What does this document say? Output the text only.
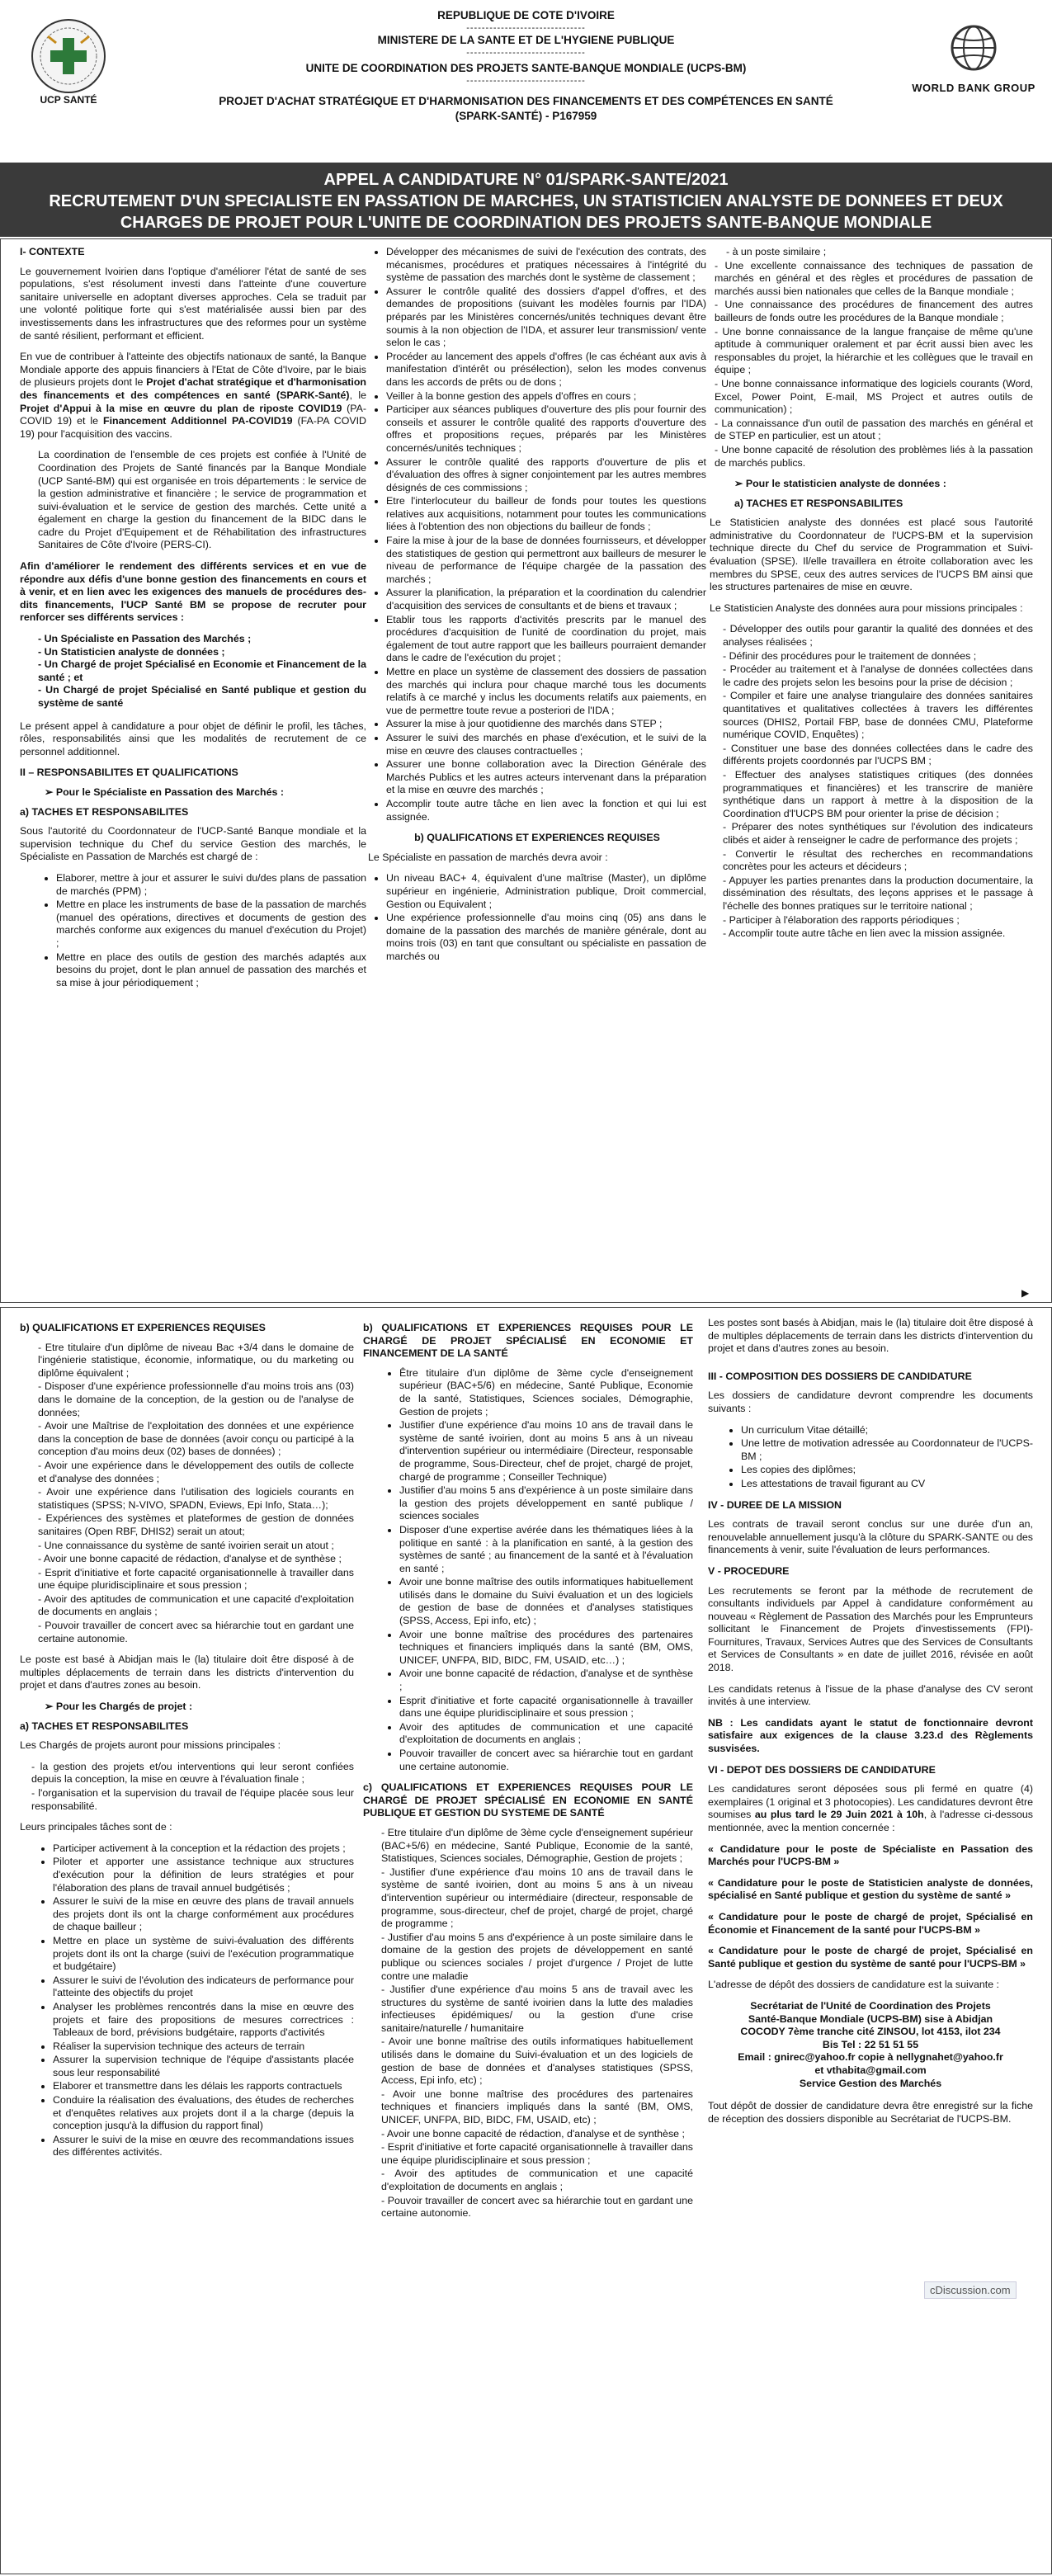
UCP SANTÉ
REPUBLIQUE DE COTE D'IVOIRE
-------------------------------
MINISTERE DE LA SANTE ET DE L'HYGIENE PUBLIQUE
-------------------------------
UNITE DE COORDINATION DES PROJETS SANTE-BANQUE MONDIALE (UCPS-BM)
-------------------------------
PROJET D'ACHAT STRATÉGIQUE ET D'HARMONISATION DES FINANCEMENTS ET DES COMPÉTENCES EN SANTÉ
(SPARK-SANTÉ) - P167959
WORLD BANK GROUP
APPEL A CANDIDATURE N° 01/SPARK-SANTE/2021
RECRUTEMENT D'UN SPECIALISTE EN PASSATION DE MARCHES, UN STATISTICIEN ANALYSTE DE DONNEES ET DEUX
CHARGES DE PROJET POUR L'UNITE DE COORDINATION DES PROJETS SANTE-BANQUE MONDIALE
I- CONTEXTE

Le gouvernement Ivoirien dans l'optique d'améliorer l'état de santé de ses populations, s'est résolument investi dans l'atteinte d'une couverture sanitaire universelle en adoptant diverses approches. Cela se traduit par une volonté politique forte qui s'est matérialisée aussi bien par des investissements dans les infrastructures que des reformes pour un système de santé résilient, performant et efficient.

En vue de contribuer à l'atteinte des objectifs nationaux de santé, la Banque Mondiale apporte des appuis financiers à l'Etat de Côte d'Ivoire, par le biais de plusieurs projets dont le Projet d'achat stratégique et d'harmonisation des financements et des compétences en santé (SPARK-Santé), le Projet d'Appui à la mise en œuvre du plan de riposte COVID19 (PA-COVID 19) et le Financement Additionnel PA-COVID19 (FA-PA COVID 19) pour l'acquisition des vaccins.

La coordination de l'ensemble de ces projets est confiée à l'Unité de Coordination des Projets de Santé financés par la Banque Mondiale (UCP Santé-BM) qui est organisée en trois départements : le service de la gestion administrative et financière ; le service de programmation et suivi-évaluation et le service de gestion des marchés. Cette unité a également en charge la gestion du financement de la BIDC dans le cadre du Projet d'Equipement et de Réhabilitation des infrastructures Sanitaires de Côte d'Ivoire (PERS-CI).

Afin d'améliorer le rendement des différents services et en vue de répondre aux défis d'une bonne gestion des financements en cours et à venir, et en lien avec les exigences des manuels de procédures des-dits financements, l'UCP Santé BM se propose de recruter pour renforcer ses différents services :

- Un Spécialiste en Passation des Marchés ;
- Un Statisticien analyste de données ;
- Un Chargé de projet Spécialisé en Economie et Financement de la santé ; et
- Un Chargé de projet Spécialisé en Santé publique et gestion du système de santé

Le présent appel à candidature a pour objet de définir le profil, les tâches, rôles, responsabilités ainsi que les modalités de recrutement de ce personnel additionnel.

II – RESPONSABILITES ET QUALIFICATIONS
➢ Pour le Spécialiste en Passation des Marchés :
a) TACHES ET RESPONSABILITES

Sous l'autorité du Coordonnateur de l'UCP-Santé Banque mondiale et la supervision technique du Chef du service Gestion des marchés, le Spécialiste en Passation de Marchés est chargé de :

• Elaborer, mettre à jour et assurer le suivi du/des plans de passation de marchés (PPM) ;
• Mettre en place les instruments de base de la passation de marchés (manuel des opérations, directives et documents de gestion des marchés conforme aux exigences du manuel d'exécution du Projet) ;
• Mettre en place des outils de gestion des marchés adaptés aux besoins du projet, dont le plan annuel de passation des marchés et sa mise à jour périodiquement ;
• Développer des mécanismes de suivi de l'exécution des contrats, des mécanismes, procédures et pratiques nécessaires à l'intégrité du système de passation des marchés dont le système de classement ;
• Assurer le contrôle qualité des dossiers d'appel d'offres, et des demandes de propositions (suivant les modèles fournis par l'IDA) préparés par les Ministères concernés/unités techniques devant être soumis à la non objection de l'IDA, et assurer leur transmission/ vente selon le cas ;
• Procéder au lancement des appels d'offres (le cas échéant aux avis à manifestation d'intérêt ou présélection), selon les modes convenus dans les accords de prêts ou de dons ;
• Veiller à la bonne gestion des appels d'offres en cours ;
• Participer aux séances publiques d'ouverture des plis pour fournir des conseils et assurer le contrôle qualité des rapports d'ouverture des offres et propositions reçues, préparés par les Ministères concernés/unités techniques ;
• Assurer le contrôle qualité des rapports d'ouverture de plis et d'évaluation des offres à signer conjointement par les autres membres désignés de ces commissions ;
• Etre l'interlocuteur du bailleur de fonds pour toutes les questions relatives aux acquisitions, notamment pour toutes les communications liées à l'obtention des non objections du bailleur de fonds ;
• Faire la mise à jour de la base de données fournisseurs, et développer des statistiques de gestion qui permettront aux bailleurs de mesurer le niveau de performance de l'équipe chargée de la passation des marchés ;
• Assurer la planification, la préparation et la coordination du calendrier d'acquisition des services de consultants et de biens et travaux ;
• Etablir tous les rapports d'activités prescrits par le manuel des procédures d'acquisition de l'unité de coordination du projet, mais également de tout autre rapport que les bailleurs pourraient demander dans le cadre de l'exécution du projet ;
• Mettre en place un système de classement des dossiers de passation des marchés qui inclura pour chaque marché tous les documents relatifs à ce marché y inclus les documents relatifs aux paiements, en vue de permettre toute revue a posteriori de l'IDA ;
• Assurer la mise à jour quotidienne des marchés dans STEP ;
• Assurer le suivi des marchés en phase d'exécution, et le suivi de la mise en œuvre des clauses contractuelles ;
• Assurer une bonne collaboration avec la Direction Générale des Marchés Publics et les autres acteurs intervenant dans la préparation et la mise en œuvre des marchés ;
• Accomplir toute autre tâche en lien avec la fonction et qui lui est assignée.
b) QUALIFICATIONS ET EXPERIENCES REQUISES

Le Spécialiste en passation de marchés devra avoir :

• Un niveau BAC+ 4, équivalent d'une maîtrise (Master), un diplôme supérieur en ingénierie, Administration publique, Droit commercial, Gestion ou Equivalent ;
• Une expérience professionnelle d'au moins cinq (05) ans dans le domaine de la passation des marchés de manière générale, dont au moins trois (03) en tant que consultant ou spécialiste en passation de marchés ou
- à un poste similaire ;
- Une excellente connaissance des techniques de passation de marchés en général et des règles et procédures de passation de marchés aussi bien nationales que celles de la Banque mondiale ;
- Une connaissance des procédures de financement des autres bailleurs de fonds outre les procédures de la Banque mondiale ;
- Une bonne connaissance de la langue française de même qu'une aptitude à communiquer oralement et par écrit aussi bien avec les responsables du projet, la hiérarchie et les collègues que le travail en équipe ;
- Une bonne connaissance informatique des logiciels courants (Word, Excel, Power Point, E-mail, MS Project et autres outils de communication) ;
- La connaissance d'un outil de passation des marchés en général et de STEP en particulier, est un atout ;
- Une bonne capacité de résolution des problèmes liés à la passation de marchés publics.
➢ Pour le statisticien analyste de données :
a) TACHES ET RESPONSABILITES

Le Statisticien analyste des données est placé sous l'autorité administrative du Coordonnateur de l'UCPS-BM et la supervision technique directe du Chef du service de Programmation et Suivi-évaluation (SPSE). Il/elle travaillera en étroite collaboration avec les membres du SPSE, ceux des autres services de l'UCPS BM ainsi que les structures partenaires de mise en œuvre.

Le Statisticien Analyste des données aura pour missions principales :

- Développer des outils pour garantir la qualité des données et des analyses réalisées ;
- Définir des procédures pour le traitement de données ;
- Procéder au traitement et à l'analyse de données collectées dans le cadre des projets selon les besoins pour la prise de décision ;
- Compiler et faire une analyse triangulaire des données sanitaires quantitatives et qualitatives collectées à travers les différentes sources (DHIS2, Portail FBP, base de données CMU, Plateforme numérique COVID, Enquêtes) ;
- Constituer une base des données collectées dans le cadre des différents projets coordonnés par l'UCPS BM ;
- Effectuer des analyses statistiques critiques (des données programmatiques et financières) et les transcrire de manière synthétique dans un rapport à mettre à la disposition de la Coordination d'l'UCPS BM pour orienter la prise de décision ;
- Préparer des notes synthétiques sur l'évolution des indicateurs clibés et aider à renseigner le cadre de performance des projets ;
- Convertir le résultat des recherches en recommandations concrètes pour les acteurs et décideurs ;
- Appuyer les parties prenantes dans la production documentaire, la dissémination des résultats, des leçons apprises et le passage à l'échelle des bonnes pratiques sur le territoire national ;
- Participer à l'élaboration des rapports périodiques ;
- Accomplir toute autre tâche en lien avec la mission assignée.
▶
b) QUALIFICATIONS ET EXPERIENCES REQUISES
- Etre titulaire d'un diplôme de niveau Bac +3/4 dans le domaine de l'ingénierie statistique, économie, informatique, ou du marketing ou diplôme équivalent ;
- Disposer d'une expérience professionnelle d'au moins trois ans (03) dans le domaine de la conception, de la gestion ou de l'analyse de données;
- Avoir une Maîtrise de l'exploitation des données et une expérience dans la conception de base de données (avoir conçu ou participé à la conception d'au moins deux (02) bases de données) ;
- Avoir une expérience dans le développement des outils de collecte et d'analyse des données ;
- Avoir une expérience dans l'utilisation des logiciels courants en statistiques (SPSS; N-VIVO, SPADN, Eviews, Epi Info, Stata…);
- Expériences des systèmes et plateformes de gestion de données sanitaires (Open RBF, DHIS2) serait un atout;
- Une connaissance du système de santé ivoirien serait un atout ;
- Avoir une bonne capacité de rédaction, d'analyse et de synthèse ;
- Esprit d'initiative et forte capacité organisationnelle à travailler dans une équipe pluridisciplinaire et sous pression ;
- Avoir des aptitudes de communication et une capacité d'exploitation de documents en anglais ;
- Pouvoir travailler de concert avec sa hiérarchie tout en gardant une certaine autonomie.

Le poste est basé à Abidjan mais le (la) titulaire doit être disposé à de multiples déplacements de terrain dans les districts d'intervention du projet et dans d'autres zones au besoin.

➢ Pour les Chargés de projet :
a) TACHES ET RESPONSABILITES

Les Chargés de projets auront pour missions principales :

- la gestion des projets et/ou interventions qui leur seront confiées depuis la conception, la mise en œuvre à l'évaluation finale ;
- l'organisation et la supervision du travail de l'équipe placée sous leur responsabilité.

Leurs principales tâches sont de :

• Participer activement à la conception et la rédaction des projets ;
• Piloter et apporter une assistance technique aux structures d'exécution pour la définition de leurs stratégies et pour l'élaboration des plans de travail annuel budgétisés ;
• Assurer le suivi de la mise en œuvre des plans de travail annuels des projets dont ils ont la charge conformément aux procédures de chaque bailleur ;
• Mettre en place un système de suivi-évaluation des différents projets dont ils ont la charge (suivi de l'exécution programmatique et budgétaire)
• Assurer le suivi de l'évolution des indicateurs de performance pour l'atteinte des objectifs du projet
• Analyser les problèmes rencontrés dans la mise en œuvre des projets et faire des propositions de mesures correctrices : Tableaux de bord, prévisions budgétaire, rapports d'activités
• Réaliser la supervision technique des acteurs de terrain
• Assurer la supervision technique de l'équipe d'assistants placée sous leur responsabilité
• Elaborer et transmettre dans les délais les rapports contractuels
• Conduire la réalisation des évaluations, des études de recherches et d'enquêtes relatives aux projets dont il a la charge (depuis la conception jusqu'à la diffusion du rapport final)
• Assurer le suivi de la mise en œuvre des recommandations issues des différentes activités.
b) QUALIFICATIONS ET EXPERIENCES REQUISES POUR LE CHARGÉ DE PROJET SPÉCIALISÉ EN ECONOMIE ET FINANCEMENT DE LA SANTÉ
• Être titulaire d'un diplôme de 3ème cycle d'enseignement supérieur (BAC+5/6) en médecine, Santé Publique, Economie de la santé, Statistiques, Sciences sociales, Démographie, Gestion de projets ;
• Justifier d'une expérience d'au moins 10 ans de travail dans le système de santé ivoirien, dont au moins 5 ans à un niveau d'intervention supérieur ou intermédiaire (Directeur, responsable de programme, Sous-Directeur, chef de projet, chargé de projet, chargé de programme ; Conseiller Technique)
• Justifier d'au moins 5 ans d'expérience à un poste similaire dans la gestion des projets développement en santé publique / sciences sociales
• Disposer d'une expertise avérée dans les thématiques liées à la politique en santé : à la planification en santé, à la gestion des systèmes de santé ; au financement de la santé et à l'évaluation en santé ;
• Avoir une bonne maîtrise des outils informatiques habituellement utilisés dans le domaine du Suivi évaluation et un des logiciels de gestion de base de données et d'analyses statistiques (SPSS, Access, Epi info, etc) ;
• Avoir une bonne maîtrise des procédures des partenaires techniques et financiers impliqués dans la santé (BM, OMS, UNICEF, UNFPA, BID, BIDC, FM, USAID, etc…) ;
• Avoir une bonne capacité de rédaction, d'analyse et de synthèse ;
• Esprit d'initiative et forte capacité organisationnelle à travailler dans une équipe pluridisciplinaire et sous pression ;
• Avoir des aptitudes de communication et une capacité d'exploitation de documents en anglais ;
• Pouvoir travailler de concert avec sa hiérarchie tout en gardant une certaine autonomie.
c) QUALIFICATIONS ET EXPERIENCES REQUISES POUR LE CHARGÉ DE PROJET SPÉCIALISÉ EN ECONOMIE EN SANTÉ PUBLIQUE ET GESTION DU SYSTEME DE SANTÉ
- Etre titulaire d'un diplôme de 3ème cycle d'enseignement supérieur (BAC+5/6) en médecine, Santé Publique, Economie de la santé, Statistiques, Sciences sociales, Démographie, Gestion de projets ;
- Justifier d'une expérience d'au moins 10 ans de travail dans le système de santé ivoirien, dont au moins 5 ans à un niveau d'intervention supérieur ou intermédiaire (directeur, responsable de programme, sous-directeur, chef de projet, chargé de projet, chargé de programme ;
- Justifier d'au moins 5 ans d'expérience à un poste similaire dans le domaine de la gestion des projets de développement en santé publique ou sciences sociales / projet d'urgence / Projet de lutte contre une maladie
- Justifier d'une expérience d'au moins 5 ans de travail avec les structures du système de santé ivoirien dans la lutte des maladies infectieuses épidémiques/ ou la gestion d'une crise sanitaire/naturelle / humanitaire
- Avoir une bonne maîtrise des outils informatiques habituellement utilisés dans le domaine du Suivi-évaluation et un des logiciels de gestion de base de données et d'analyses statistiques (SPSS, Access, Epi info, etc) ;
- Avoir une bonne maîtrise des procédures des partenaires techniques et financiers impliqués dans la santé (BM, OMS, UNICEF, UNFPA, BID, BIDC, FM, USAID, etc) ;
- Avoir une bonne capacité de rédaction, d'analyse et de synthèse ;
- Esprit d'initiative et forte capacité organisationnelle à travailler dans une équipe pluridisciplinaire et sous pression ;
- Avoir des aptitudes de communication et une capacité d'exploitation de documents en anglais ;
- Pouvoir travailler de concert avec sa hiérarchie tout en gardant une certaine autonomie.

Les postes sont basés à Abidjan, mais le (la) titulaire doit être disposé à de multiples déplacements de terrain dans les districts d'intervention du projet et dans d'autres zones au besoin.

III - COMPOSITION DES DOSSIERS DE CANDIDATURE

Les dossiers de candidature devront comprendre les documents suivants :

• Un curriculum Vitae détaillé;
• Une lettre de motivation adressée au Coordonnateur de l'UCPS-BM ;
• Les copies des diplômes;
• Les attestations de travail figurant au CV
IV - DUREE DE LA MISSION

Les contrats de travail seront conclus sur une durée d'un an, renouvelable annuellement jusqu'à la clôture du SPARK-SANTE ou des financements à venir, suite l'évaluation de leurs performances.

V - PROCEDURE

Les recrutements se feront par la méthode de recrutement de consultants individuels par Appel à candidature conformément au nouveau « Règlement de Passation des Marchés pour les Emprunteurs sollicitant le Financement de Projets d'investissements (FPI)- Fournitures, Travaux, Services Autres que des Services de Consultants et Services de Consultants » en date de juillet 2016, révisée en août 2018.

Les candidats retenus à l'issue de la phase d'analyse des CV seront invités à une interview.

NB : Les candidats ayant le statut de fonctionnaire devront satisfaire aux exigences de la clause 3.23.d des Règlements susvisées.

VI - DEPOT DES DOSSIERS DE CANDIDATURE

Les candidatures seront déposées sous pli fermé en quatre (4) exemplaires (1 original et 3 photocopies). Les candidatures devront être soumises au plus tard le 29 Juin 2021 à 10h, à l'adresse ci-dessous mentionnée, avec la mention concernée :

« Candidature pour le poste de Spécialiste en Passation des Marchés pour l'UCPS-BM »

« Candidature pour le poste de Statisticien analyste de données, spécialisé en Santé publique et gestion du système de santé »

« Candidature pour le poste de chargé de projet, Spécialisé en Économie et Financement de la santé pour l'UCPS-BM »

« Candidature pour le poste de chargé de projet, Spécialisé en Santé publique et gestion du système de santé pour l'UCPS-BM »

L'adresse de dépôt des dossiers de candidature est la suivante :

Secrétariat de l'Unité de Coordination des Projets
Santé-Banque Mondiale (UCPS-BM) sise à Abidjan
COCODY 7ème tranche cité ZINSOU, lot 4153, ilot 234
Bis Tel : 22 51 51 55
Email : gnirec@yahoo.fr copie à nellygnahet@yahoo.fr
et vthabita@gmail.com
Service Gestion des Marchés

Tout dépôt de dossier de candidature devra être enregistré sur la fiche de réception des dossiers disponible au Secrétariat de l'UCPS-BM.

cDiscussion.com
